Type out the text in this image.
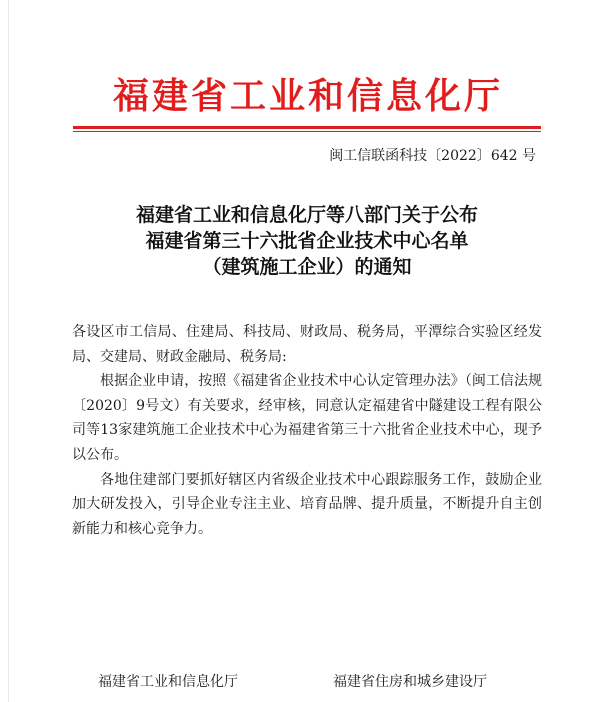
福建省工业和信息化厅
闽工信联函科技〔2022〕642 号
福建省工业和信息化厅等八部门关于公布
福建省第三十六批省企业技术中心名单
（建筑施工企业）的通知

各设区市工信局、住建局、科技局、财政局、税务局，平潭综合实验区经发局、交建局、财政金融局、税务局:

根据企业申请，按照《福建省企业技术中心认定管理办法》（闽工信法规〔2020〕9号文）有关要求，经审核，同意认定福建省中隧建设工程有限公司等13家建筑施工企业技术中心为福建省第三十六批省企业技术中心，现予以公布。

各地住建部门要抓好辖区内省级企业技术中心跟踪服务工作，鼓励企业加大研发投入，引导企业专注主业、培育品牌、提升质量，不断提升自主创新能力和核心竞争力。

福建省工业和信息化厅	福建省住房和城乡建设厅
